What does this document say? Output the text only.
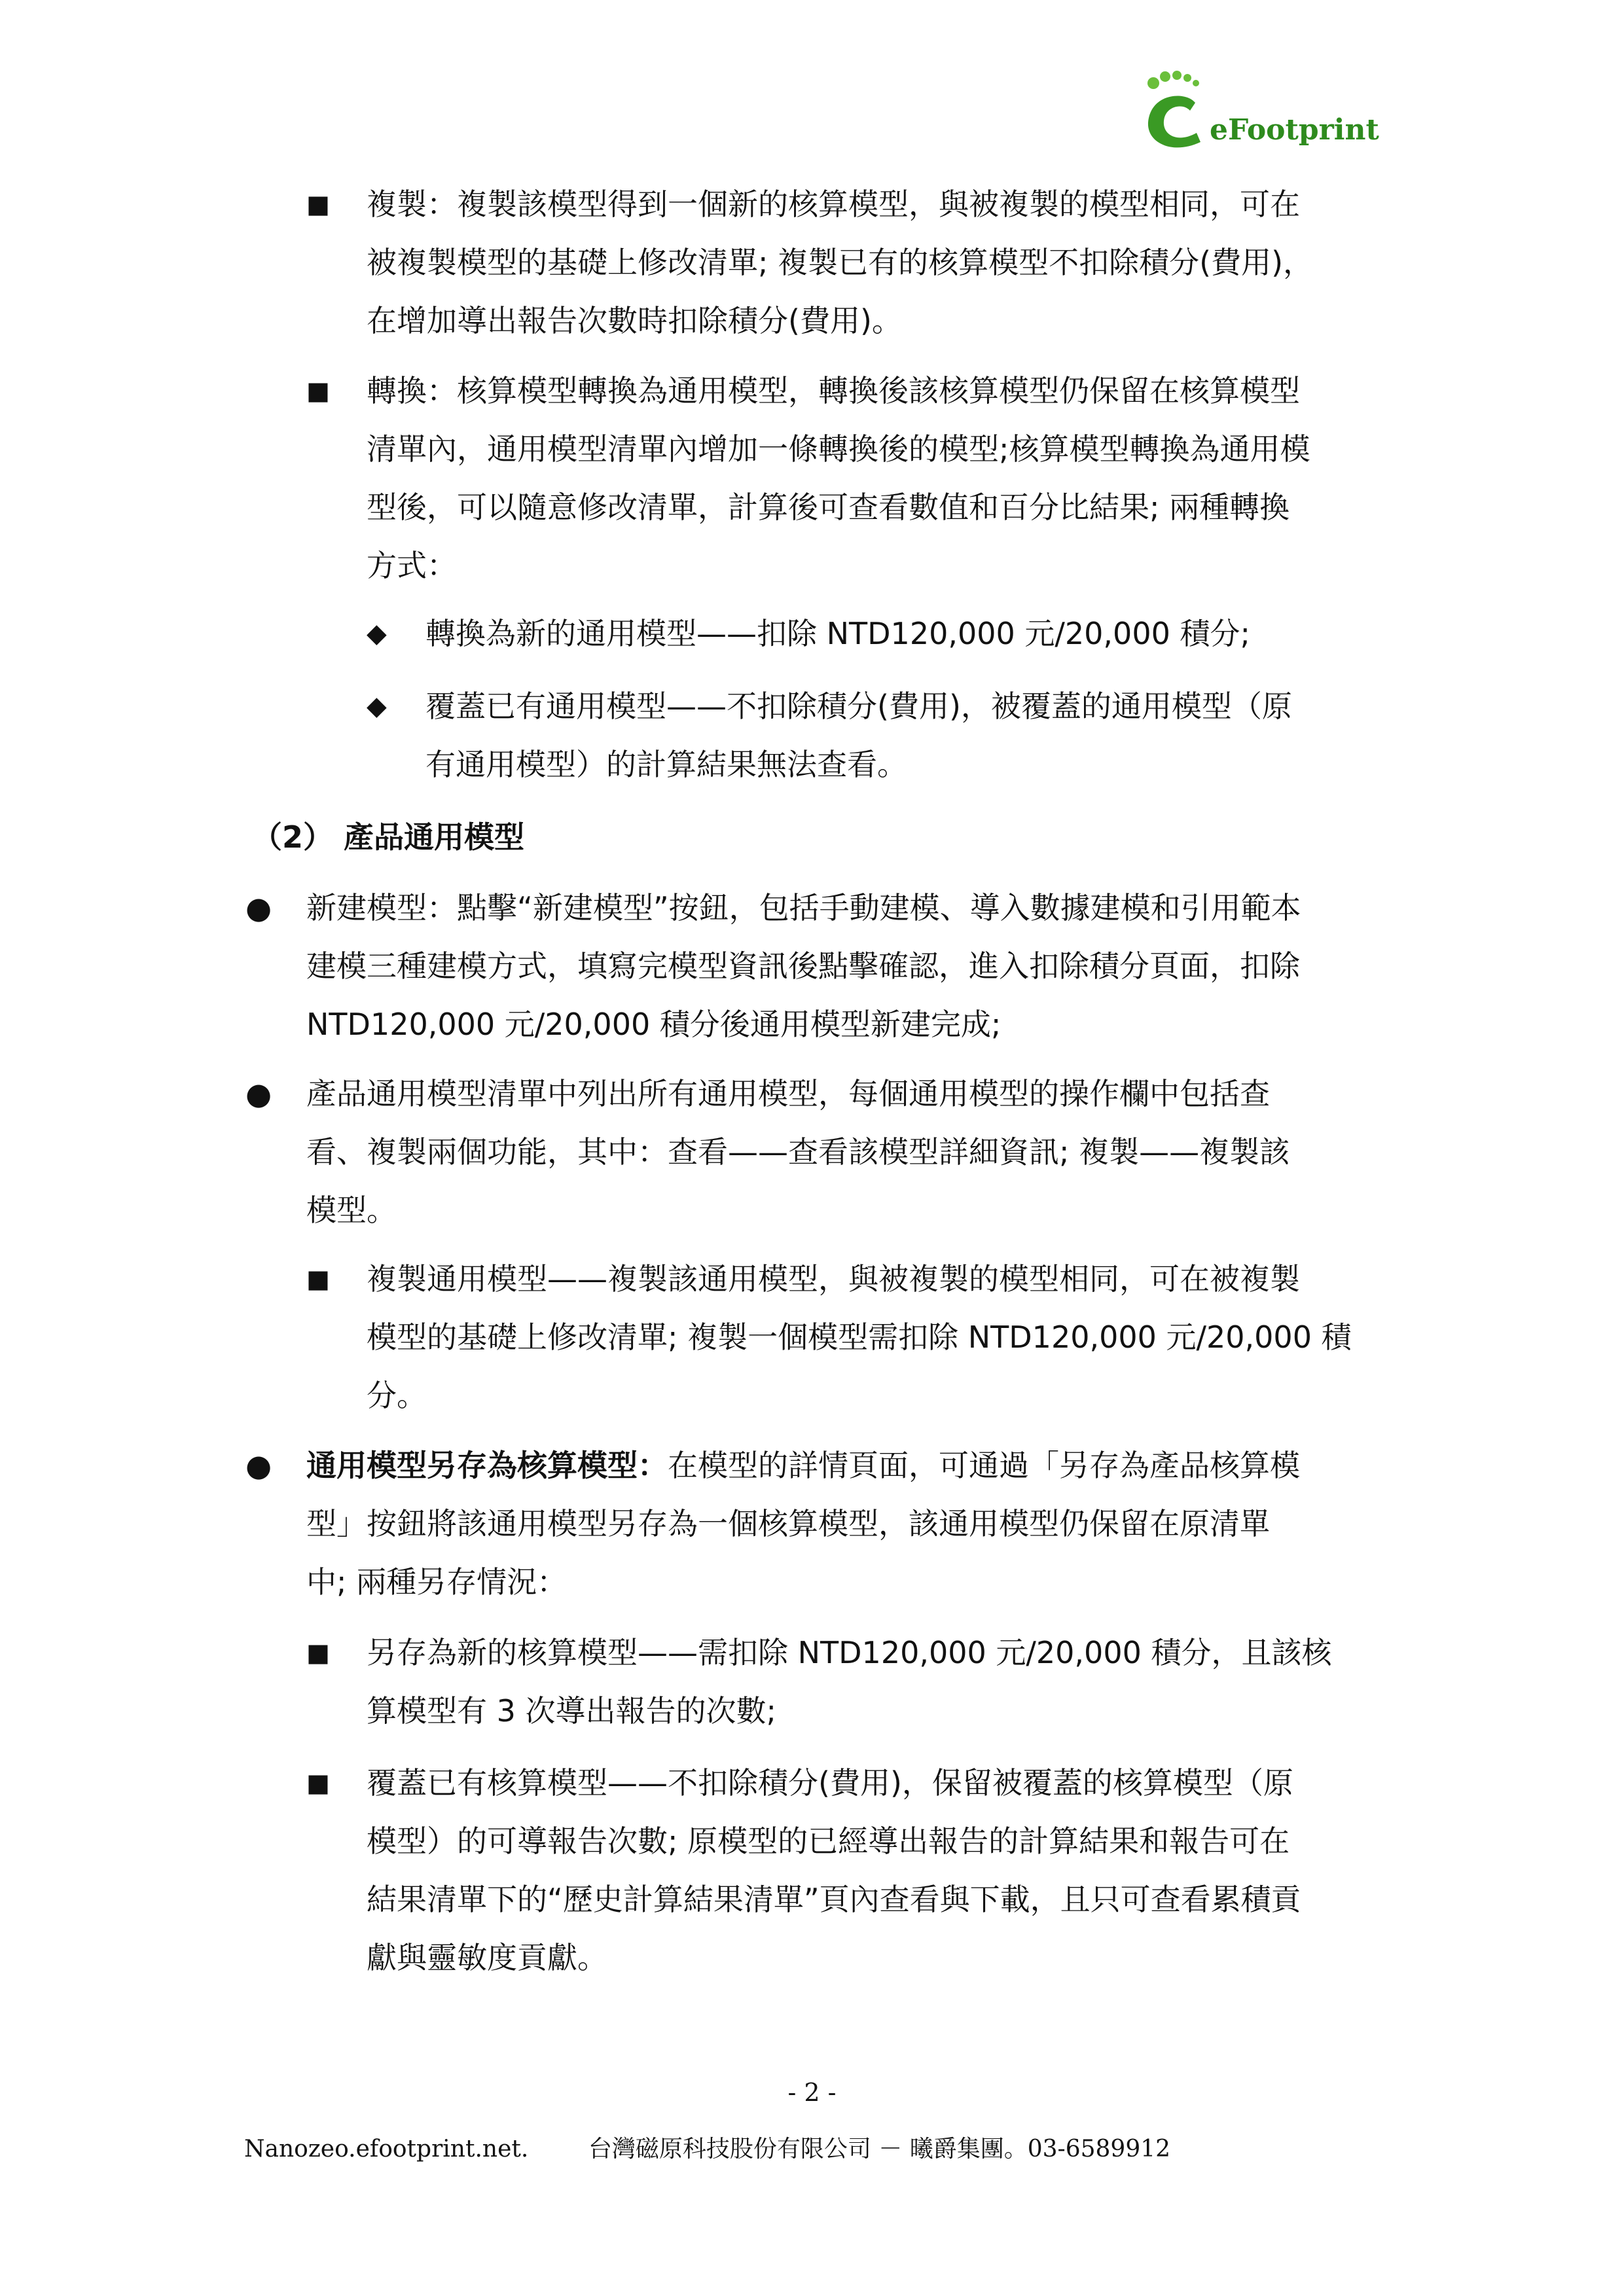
eFootprint
■ 複製：複製該模型得到一個新的核算模型，與被複製的模型相同，可在
被複製模型的基礎上修改清單; 複製已有的核算模型不扣除積分(費用)，
在增加導出報告次數時扣除積分(費用)。
■ 轉換：核算模型轉換為通用模型，轉換後該核算模型仍保留在核算模型
清單內，通用模型清單內增加一條轉換後的模型;核算模型轉換為通用模
型後，可以隨意修改清單，計算後可查看數值和百分比結果; 兩種轉換
方式：
◆ 轉換為新的通用模型——扣除 NTD120,000 元/20,000 積分;
◆ 覆蓋已有通用模型——不扣除積分(費用)，被覆蓋的通用模型（原
有通用模型）的計算結果無法查看。
（2） 產品通用模型
● 新建模型：點擊“新建模型”按鈕，包括手動建模、導入數據建模和引用範本
建模三種建模方式，填寫完模型資訊後點擊確認，進入扣除積分頁面，扣除
NTD120,000 元/20,000 積分後通用模型新建完成;
● 產品通用模型清單中列出所有通用模型，每個通用模型的操作欄中包括查
看、複製兩個功能，其中：查看——查看該模型詳細資訊; 複製——複製該
模型。
■ 複製通用模型——複製該通用模型，與被複製的模型相同，可在被複製
模型的基礎上修改清單; 複製一個模型需扣除 NTD120,000 元/20,000 積
分。
● 通用模型另存為核算模型：在模型的詳情頁面，可通過「另存為產品核算模
型」按鈕將該通用模型另存為一個核算模型，該通用模型仍保留在原清單
中; 兩種另存情況：
■ 另存為新的核算模型——需扣除 NTD120,000 元/20,000 積分，且該核
算模型有 3 次導出報告的次數;
■ 覆蓋已有核算模型——不扣除積分(費用)，保留被覆蓋的核算模型（原
模型）的可導報告次數; 原模型的已經導出報告的計算結果和報告可在
結果清單下的“歷史計算結果清單”頁內查看與下載，且只可查看累積貢
獻與靈敏度貢獻。
- 2 -
Nanozeo.efootprint.net.	台灣磁原科技股份有限公司 － 曦爵集團。03-6589912
